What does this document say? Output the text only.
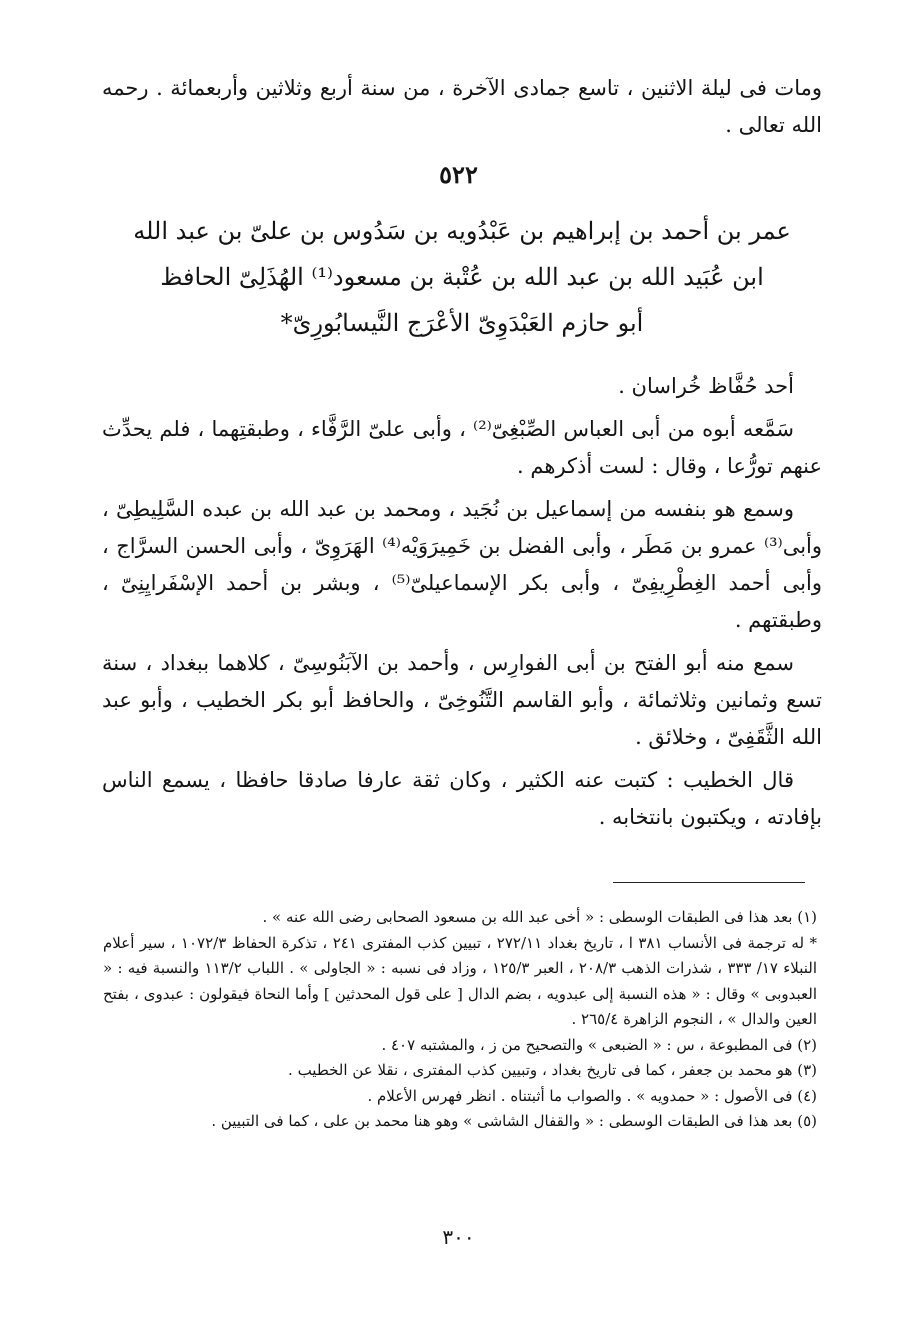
ومات فى ليلة الاثنين ، تاسع جمادى الآخرة ، من سنة أربع وثلاثين وأربعمائة . رحمه الله تعالى .

٥٢٢
عمر بن أحمد بن إبراهيم بن عَبْدُويه بن سَدُوس بن علىّ بن عبد الله
ابن عُبَيد الله بن عبد الله بن عُتْبة بن مسعود⁽¹⁾ الهُذَلِىّ الحافظ
أبو حازم العَبْدَوِىّ الأعْرَج النَّيسابُورِىّ*

أحد حُفَّاظ خُراسان .

سَمَّعه أبوه من أبى العباس الصِّبْغِىّ⁽²⁾ ، وأبى علىّ الرَّفَّاء ، وطبقتِهما ، فلم يحدِّث عنهم تورُّعا ، وقال : لست أذكرهم .

وسمع هو بنفسه من إسماعيل بن نُجَيد ، ومحمد بن عبد الله بن عبده السَّلِيطِىّ ، وأبى⁽³⁾ عمرو بن مَطَر ، وأبى الفضل بن خَمِيرَوَيْه⁽⁴⁾ الهَرَوِىّ ، وأبى الحسن السرَّاج ، وأبى أحمد الغِطْرِيفِىّ ، وأبى بكر الإسماعيلىّ⁽⁵⁾ ، وبشر بن أحمد الإسْفَرايِنِىّ ، وطبقتهم .

سمع منه أبو الفتح بن أبى الفوارِس ، وأحمد بن الآبَنُوسِىّ ، كلاهما ببغداد ، سنة تسع وثمانين وثلاثمائة ، وأبو القاسم التَّنُوخِىّ ، والحافظ أبو بكر الخطيب ، وأبو عبد الله الثَّقَفِىّ ، وخلائق .

قال الخطيب : كتبت عنه الكثير ، وكان ثقة عارفا صادقا حافظا ، يسمع الناس بإفادته ، ويكتبون بانتخابه .

(١) بعد هذا فى الطبقات الوسطى : « أخى عبد الله بن مسعود الصحابى رضى الله عنه » .

* له ترجمة فى الأنساب ٣٨١ ا ، تاريخ بغداد ٢٧٢/١١ ، تبيين كذب المفترى ٢٤١ ، تذكرة الحفاظ ١٠٧٢/٣ ، سير أعلام النبلاء ١٧/ ٣٣٣ ، شذرات الذهب ٢٠٨/٣ ، العبر ١٢٥/٣ ، وزاد فى نسبه : « الجاولى » . اللباب ١١٣/٢ والنسبة فيه : « العبدوبى » وقال : « هذه النسبة إلى عبدويه ، بضم الدال [ على قول المحدثين ] وأما النحاة فيقولون : عبدوى ، بفتح العين والدال » ، النجوم الزاهرة ٢٦٥/٤ .

(٢) فى المطبوعة ، س : « الضبعى » والتصحيح من ز ، والمشتبه ٤٠٧ .

(٣) هو محمد بن جعفر ، كما فى تاريخ بغداد ، وتبيين كذب المفترى ، نقلا عن الخطيب .

(٤) فى الأصول : « حمدويه » . والصواب ما أثبتناه . انظر فهرس الأعلام .

(٥) بعد هذا فى الطبقات الوسطى : « والقفال الشاشى » وهو هنا محمد بن على ، كما فى التبيين .

٣٠٠
